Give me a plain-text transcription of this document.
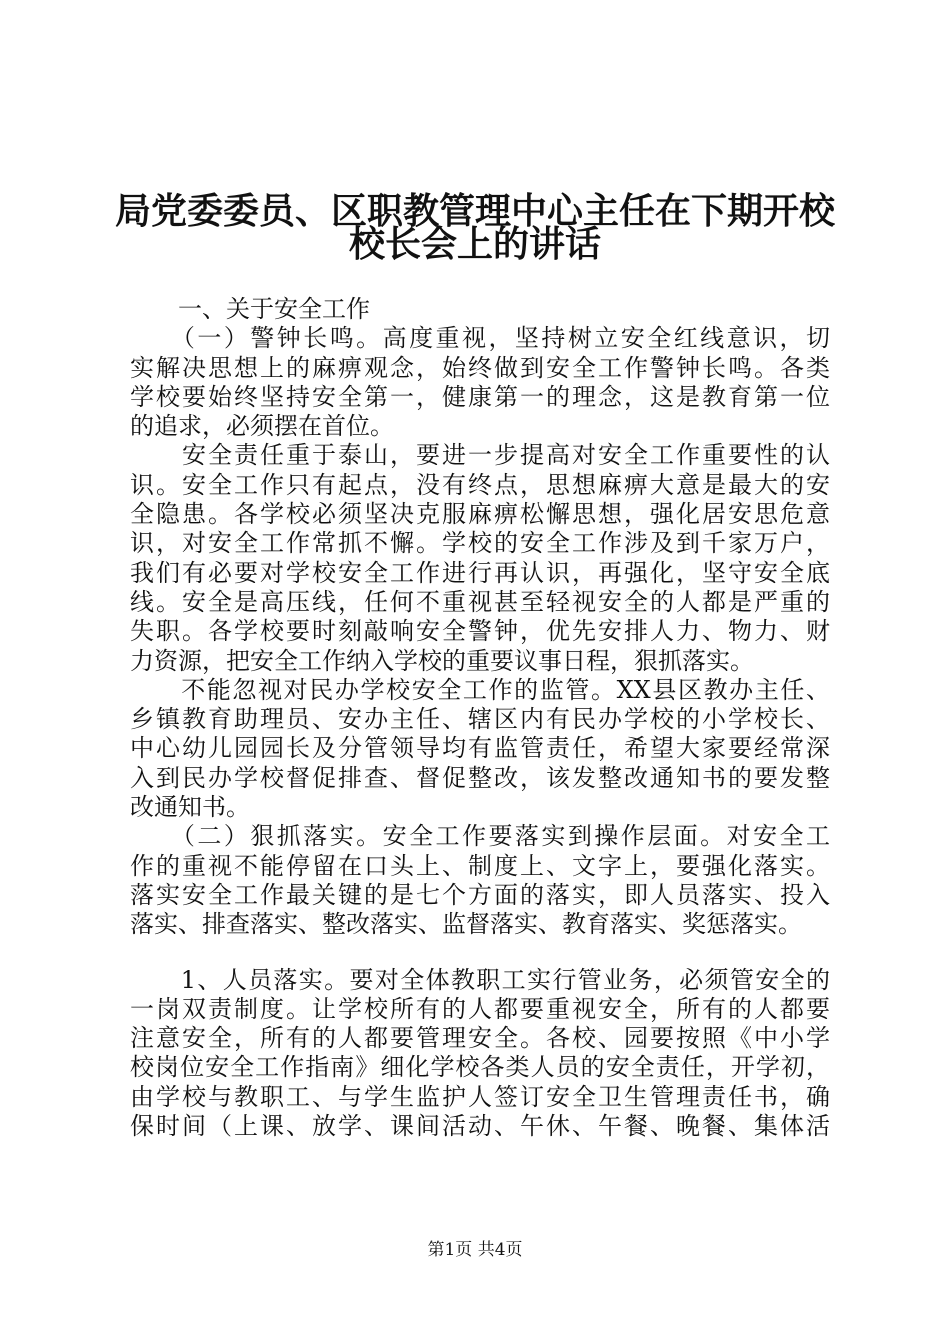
局党委委员、区职教管理中心主任在下期开校
校长会上的讲话
　　一、关于安全工作
　　（一）警钟长鸣。高度重视，坚持树立安全红线意识，切
实解决思想上的麻痹观念，始终做到安全工作警钟长鸣。各类
学校要始终坚持安全第一，健康第一的理念，这是教育第一位
的追求，必须摆在首位。
　　安全责任重于泰山，要进一步提高对安全工作重要性的认
识。安全工作只有起点，没有终点，思想麻痹大意是最大的安
全隐患。各学校必须坚决克服麻痹松懈思想，强化居安思危意
识，对安全工作常抓不懈。学校的安全工作涉及到千家万户，
我们有必要对学校安全工作进行再认识，再强化，坚守安全底
线。安全是高压线，任何不重视甚至轻视安全的人都是严重的
失职。各学校要时刻敲响安全警钟，优先安排人力、物力、财
力资源，把安全工作纳入学校的重要议事日程，狠抓落实。
　　不能忽视对民办学校安全工作的监管。XX县区教办主任、
乡镇教育助理员、安办主任、辖区内有民办学校的小学校长、
中心幼儿园园长及分管领导均有监管责任，希望大家要经常深
入到民办学校督促排查、督促整改，该发整改通知书的要发整
改通知书。
　　（二）狠抓落实。安全工作要落实到操作层面。对安全工
作的重视不能停留在口头上、制度上、文字上，要强化落实。
落实安全工作最关键的是七个方面的落实，即人员落实、投入
落实、排查落实、整改落实、监督落实、教育落实、奖惩落实。
　　1、人员落实。要对全体教职工实行管业务，必须管安全的
一岗双责制度。让学校所有的人都要重视安全，所有的人都要
注意安全，所有的人都要管理安全。各校、园要按照《中小学
校岗位安全工作指南》细化学校各类人员的安全责任，开学初，
由学校与教职工、与学生监护人签订安全卫生管理责任书，确
保时间（上课、放学、课间活动、午休、午餐、晚餐、集体活
第1页 共4页
